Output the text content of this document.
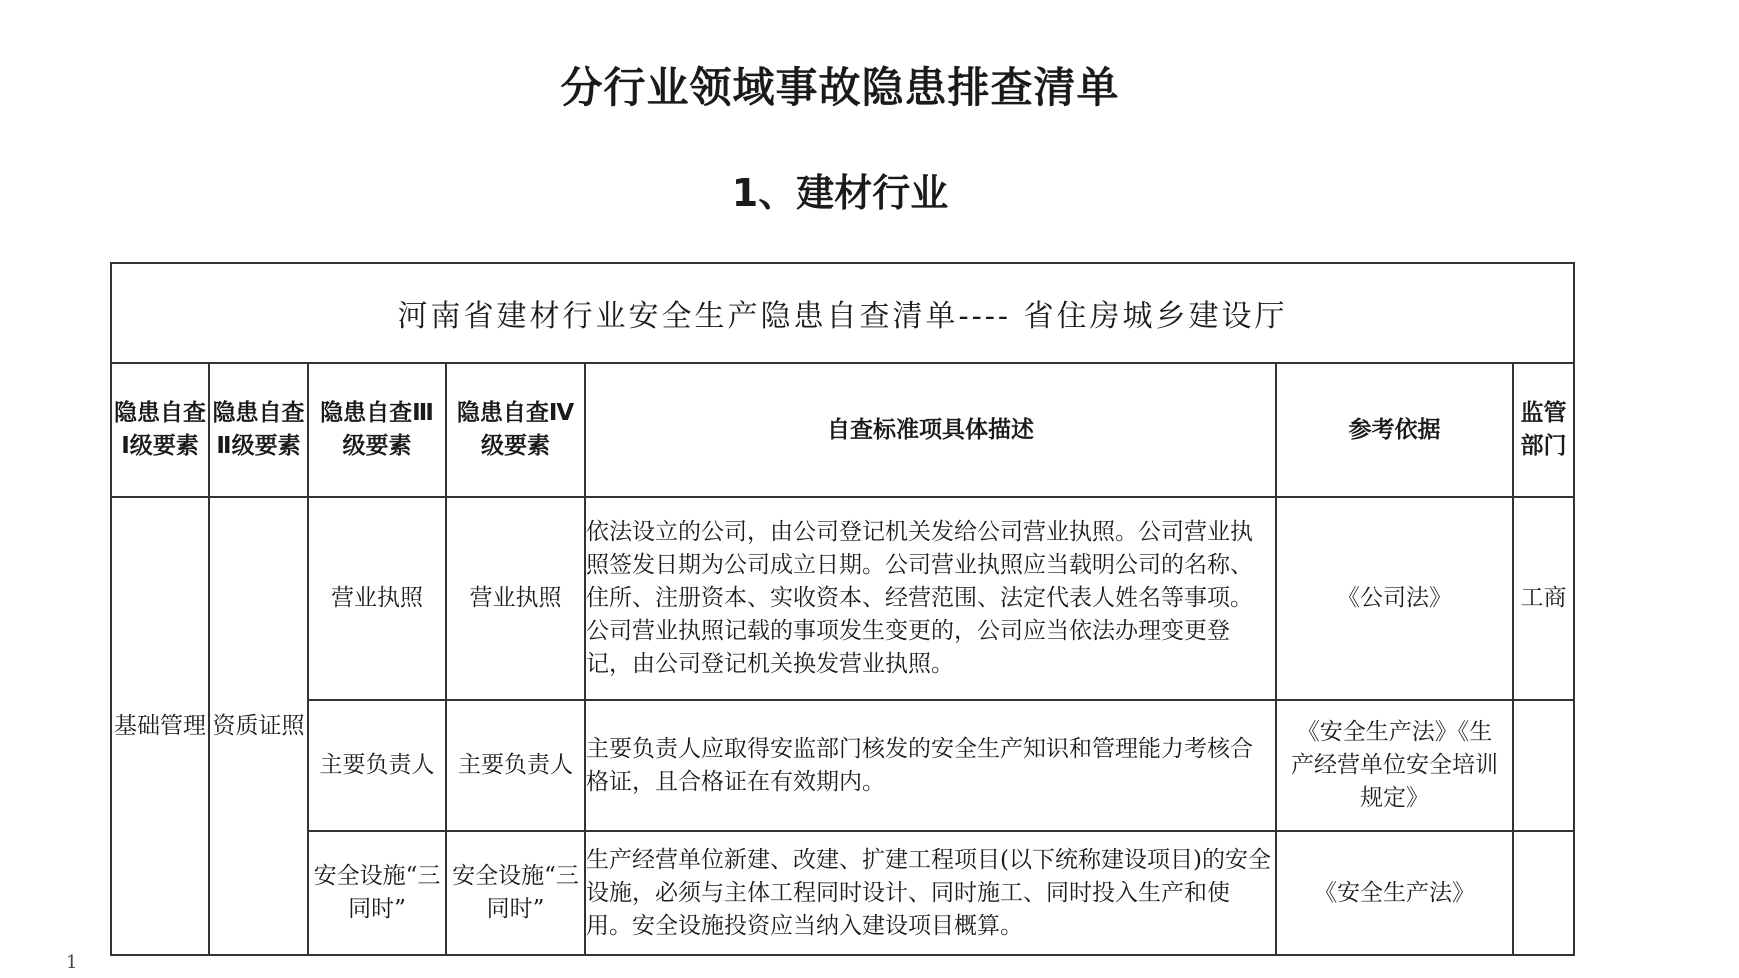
分行业领域事故隐患排查清单
1、建材行业
河南省建材行业安全生产隐患自查清单---- 省住房城乡建设厅						
隐患自查Ⅰ级要素	隐患自查Ⅱ级要素	隐患自查Ⅲ级要素	隐患自查Ⅳ级要素	自查标准项具体描述	参考依据	监管部门
基础管理	资质证照	营业执照	营业执照	依法设立的公司，由公司登记机关发给公司营业执照。公司营业执照签发日期为公司成立日期。公司营业执照应当载明公司的名称、住所、注册资本、实收资本、经营范围、法定代表人姓名等事项。公司营业执照记载的事项发生变更的，公司应当依法办理变更登记，由公司登记机关换发营业执照。	《公司法》	工商
		主要负责人	主要负责人	主要负责人应取得安监部门核发的安全生产知识和管理能力考核合格证，且合格证在有效期内。	《安全生产法》《生产经营单位安全培训规定》	
		安全设施“三同时”	安全设施“三同时”	生产经营单位新建、改建、扩建工程项目(以下统称建设项目)的安全设施，必须与主体工程同时设计、同时施工、同时投入生产和使用。安全设施投资应当纳入建设项目概算。	《安全生产法》	
1
